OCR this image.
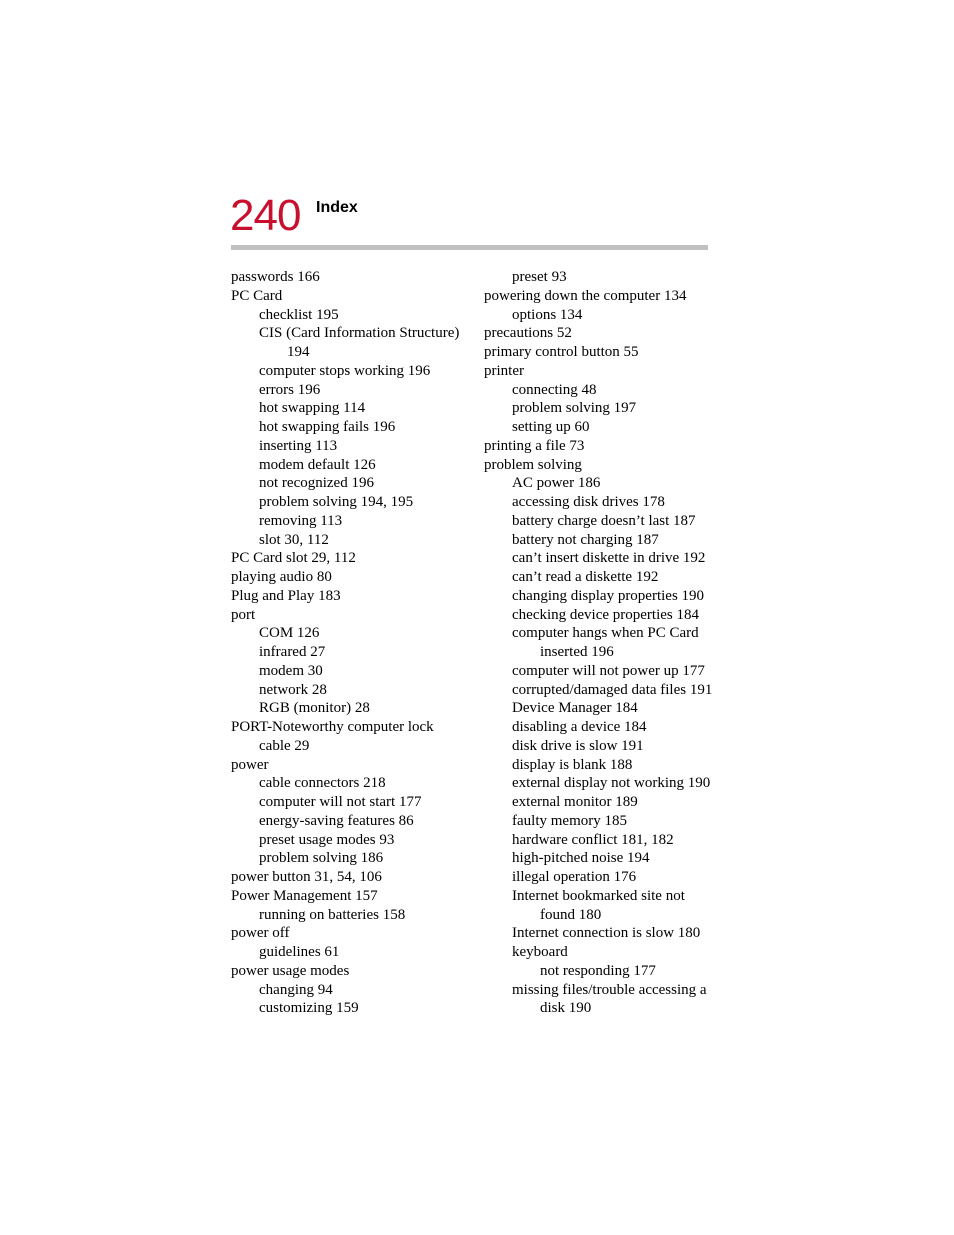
240 Index
passwords 166
PC Card
checklist 195
CIS (Card Information Structure)
194
computer stops working 196
errors 196
hot swapping 114
hot swapping fails 196
inserting 113
modem default 126
not recognized 196
problem solving 194, 195
removing 113
slot 30, 112
PC Card slot 29, 112
playing audio 80
Plug and Play 183
port
COM 126
infrared 27
modem 30
network 28
RGB (monitor) 28
PORT-Noteworthy computer lock
cable 29
power
cable connectors 218
computer will not start 177
energy-saving features 86
preset usage modes 93
problem solving 186
power button 31, 54, 106
Power Management 157
running on batteries 158
power off
guidelines 61
power usage modes
changing 94
customizing 159
preset 93
powering down the computer 134
options 134
precautions 52
primary control button 55
printer
connecting 48
problem solving 197
setting up 60
printing a file 73
problem solving
AC power 186
accessing disk drives 178
battery charge doesn’t last 187
battery not charging 187
can’t insert diskette in drive 192
can’t read a diskette 192
changing display properties 190
checking device properties 184
computer hangs when PC Card
inserted 196
computer will not power up 177
corrupted/damaged data files 191
Device Manager 184
disabling a device 184
disk drive is slow 191
display is blank 188
external display not working 190
external monitor 189
faulty memory 185
hardware conflict 181, 182
high-pitched noise 194
illegal operation 176
Internet bookmarked site not
found 180
Internet connection is slow 180
keyboard
not responding 177
missing files/trouble accessing a
disk 190
